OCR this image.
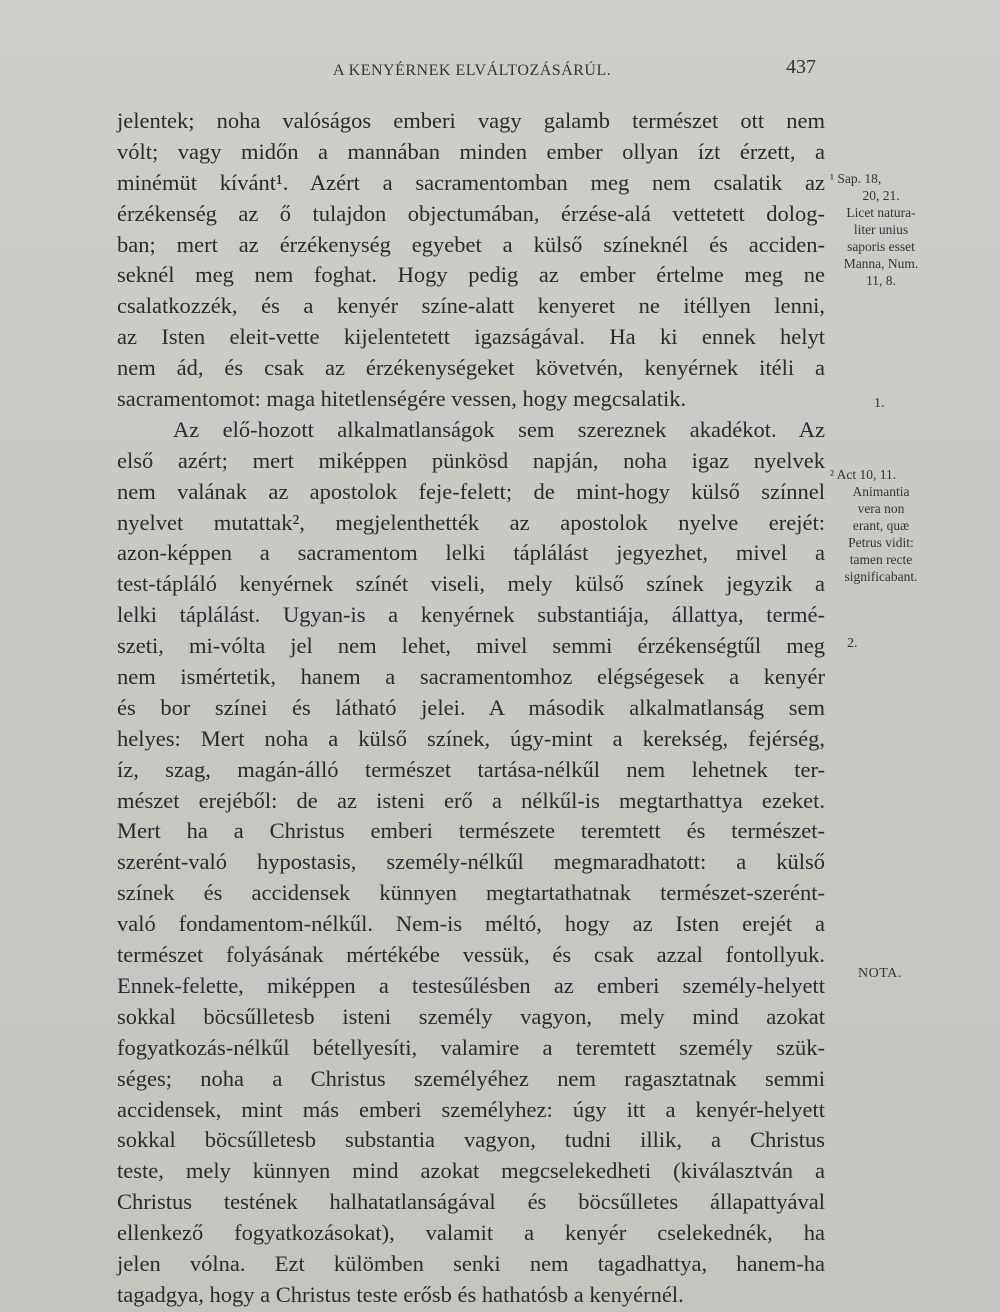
A KENYÉRNEK ELVÁLTOZÁSÁRÚL.	437
jelentek; noha valóságos emberi vagy galamb természet ott nem
vólt; vagy midőn a mannában minden ember ollyan ízt érzett, a
minémüt kívánt¹. Azért a sacramentomban meg nem csalatik az
érzékenség az ő tulajdon objectumában, érzése-alá vettetett dolog-
ban; mert az érzékenység egyebet a külső színeknél és acciden-
seknél meg nem foghat. Hogy pedig az ember értelme meg ne
csalatkozzék, és a kenyér színe-alatt kenyeret ne itéllyen lenni,
az Isten eleit-vette kijelentetett igazságával. Ha ki ennek helyt
nem ád, és csak az érzékenységeket követvén, kenyérnek itéli a
sacramentomot: maga hitetlenségére vessen, hogy megcsalatik.
Az elő-hozott alkalmatlanságok sem szereznek akadékot. Az
első azért; mert miképpen pünkösd napján, noha igaz nyelvek
nem valának az apostolok feje-felett; de mint-hogy külső színnel
nyelvet mutattak², megjelenthették az apostolok nyelve erejét:
azon-képpen a sacramentom lelki táplálást jegyezhet, mivel a
test-tápláló kenyérnek színét viseli, mely külső színek jegyzik a
lelki táplálást. Ugyan-is a kenyérnek substantiája, állattya, termé-
szeti, mi-vólta jel nem lehet, mivel semmi érzékenségtűl meg
nem ismértetik, hanem a sacramentomhoz elégségesek a kenyér
és bor színei és látható jelei. A második alkalmatlanság sem
helyes: Mert noha a külső színek, úgy-mint a kerekség, fejérség,
íz, szag, magán-álló természet tartása-nélkűl nem lehetnek ter-
mészet erejéből: de az isteni erő a nélkűl-is megtarthattya ezeket.
Mert ha a Christus emberi természete teremtett és természet-
szerént-való hypostasis, személy-nélkűl megmaradhatott: a külső
színek és accidensek künnyen megtartathatnak természet-szerént-
való fondamentom-nélkűl. Nem-is méltó, hogy az Isten erejét a
természet folyásának mértékébe vessük, és csak azzal fontollyuk.
Ennek-felette, miképpen a testesűlésben az emberi személy-helyett
sokkal böcsűlletesb isteni személy vagyon, mely mind azokat
fogyatkozás-nélkűl bétellyesíti, valamire a teremtett személy szük-
séges; noha a Christus személyéhez nem ragasztatnak semmi
accidensek, mint más emberi személyhez: úgy itt a kenyér-helyett
sokkal böcsűlletesb substantia vagyon, tudni illik, a Christus
teste, mely künnyen mind azokat megcselekedheti (kiválasztván a
Christus testének halhatatlanságával és böcsűlletes állapattyával
ellenkező fogyatkozásokat), valamit a kenyér cselekednék, ha
jelen vólna. Ezt külömben senki nem tagadhattya, hanem-ha
tagadgya, hogy a Christus teste erősb és hathatósb a kenyérnél.
¹ Sap. 18,
20, 21.
Licet natura-
liter unius
saporis esset
Manna, Num.
11, 8.
1.
² Act 10, 11.
Animantia
vera non
erant, quæ
Petrus vidit:
tamen recte
significabant.
2.
NOTA.
